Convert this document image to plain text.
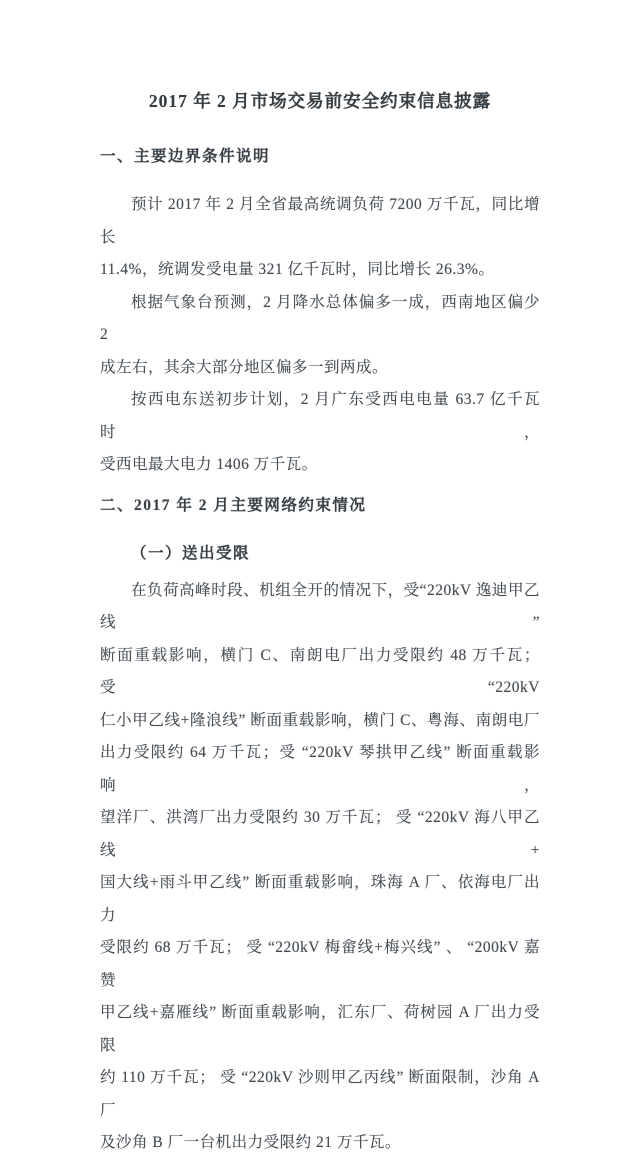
2017 年 2 月市场交易前安全约束信息披露
一、主要边界条件说明
预计 2017 年 2 月全省最高统调负荷 7200 万千瓦，同比增长
11.4%，统调发受电量 321 亿千瓦时，同比增长 26.3%。
根据气象台预测，2 月降水总体偏多一成，西南地区偏少 2
成左右，其余大部分地区偏多一到两成。
按西电东送初步计划，2 月广东受西电电量 63.7 亿千瓦时，
受西电最大电力 1406 万千瓦。
二、2017 年 2 月主要网络约束情况
（一）送出受限
在负荷高峰时段、机组全开的情况下，受“220kV 逸迪甲乙线”
断面重载影响，横门 C、南朗电厂出力受限约 48 万千瓦；受“220kV
仁小甲乙线+隆浪线” 断面重载影响，横门 C、粤海、南朗电厂
出力受限约 64 万千瓦；受 “220kV 琴拱甲乙线” 断面重载影响，
望洋厂、洪湾厂出力受限约 30 万千瓦； 受 “220kV 海八甲乙线+
国大线+雨斗甲乙线” 断面重载影响，珠海 A 厂、依海电厂出力
受限约 68 万千瓦； 受 “220kV 梅畲线+梅兴线” 、 “200kV 嘉赞
甲乙线+嘉雁线” 断面重载影响，汇东厂、荷树园 A 厂出力受限
约 110 万千瓦； 受 “220kV 沙则甲乙丙线” 断面限制，沙角 A 厂
及沙角 B 厂一台机出力受限约 21 万千瓦。
